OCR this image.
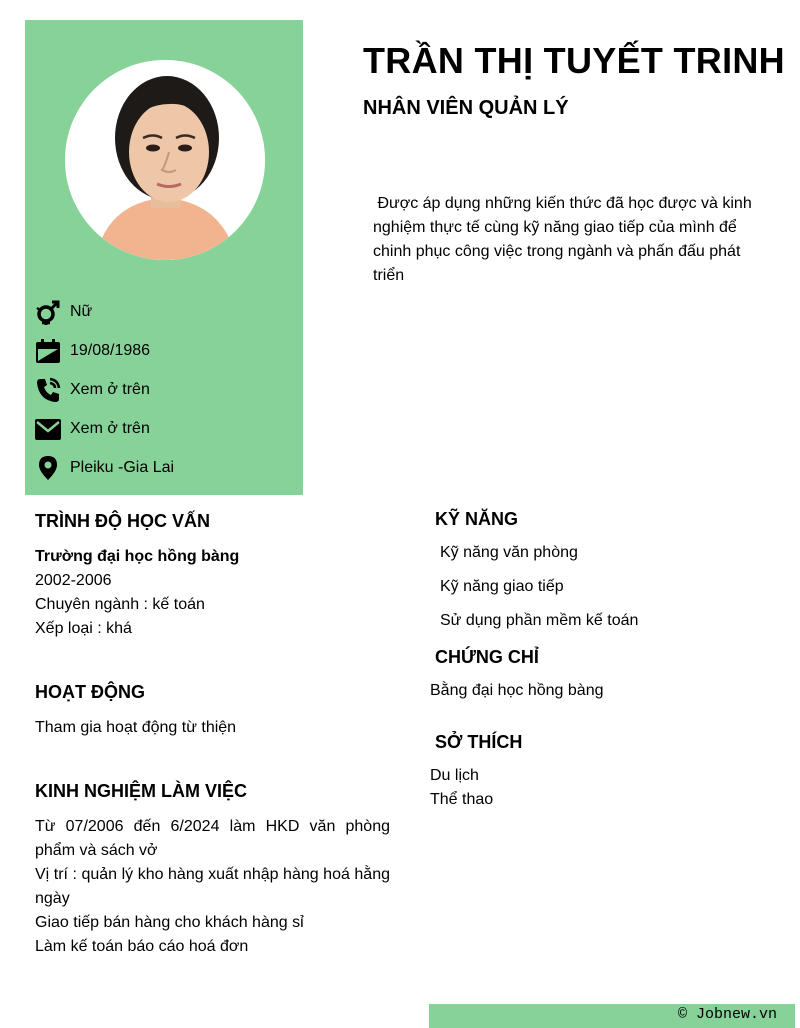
Nữ
19/08/1986
Xem ở trên
Xem ở trên
Pleiku -Gia Lai
TRẦN THỊ TUYẾT TRINH
NHÂN VIÊN QUẢN LÝ
Được áp dụng những kiến thức đã học được và kinh nghiệm thực tế cùng kỹ năng giao tiếp của mình để chinh phục công việc trong ngành và phấn đấu phát triển
TRÌNH ĐỘ HỌC VẤN
Trường đại học hồng bàng
2002-2006
Chuyên ngành : kế toán
Xếp loại : khá
HOẠT ĐỘNG
Tham gia hoạt động từ thiện
KINH NGHIỆM LÀM VIỆC
Từ 07/2006 đến 6/2024 làm HKD văn phòng phẩm và sách vở
Vị trí : quản lý kho hàng xuất nhập hàng hoá hằng ngày
Giao tiếp bán hàng cho khách hàng sỉ
Làm kế toán báo cáo hoá đơn
KỸ NĂNG
Kỹ năng văn phòng
Kỹ năng giao tiếp
Sử dụng phần mềm kế toán
CHỨNG CHỈ
Bằng đại học hồng bàng
SỞ THÍCH
Du lịch
Thể thao
© Jobnew.vn
